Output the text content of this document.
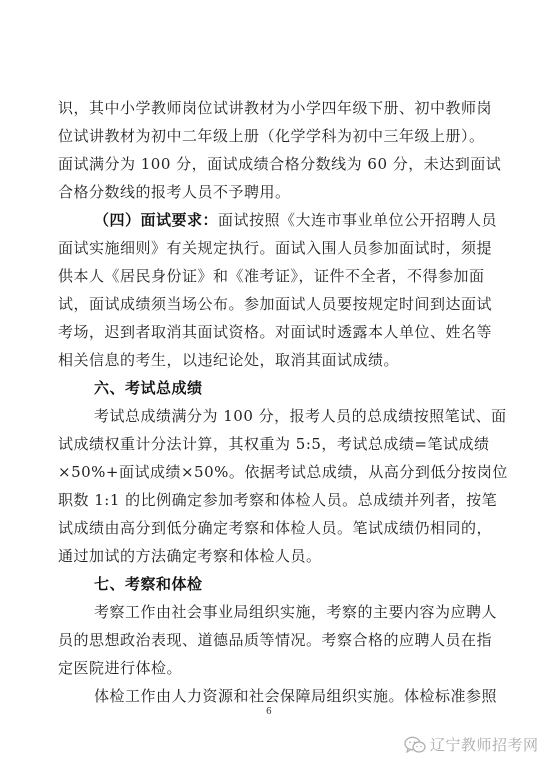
识，其中小学教师岗位试讲教材为小学四年级下册、初中教师岗
位试讲教材为初中二年级上册（化学学科为初中三年级上册）。
面试满分为 100 分，面试成绩合格分数线为 60 分，未达到面试
合格分数线的报考人员不予聘用。
（四）面试要求：面试按照《大连市事业单位公开招聘人员
面试实施细则》有关规定执行。面试入围人员参加面试时，须提
供本人《居民身份证》和《准考证》，证件不全者，不得参加面
试，面试成绩须当场公布。参加面试人员要按规定时间到达面试
考场，迟到者取消其面试资格。对面试时透露本人单位、姓名等
相关信息的考生，以违纪论处，取消其面试成绩。
六、考试总成绩
考试总成绩满分为 100 分，报考人员的总成绩按照笔试、面
试成绩权重计分法计算，其权重为 5:5，考试总成绩=笔试成绩
×50%+面试成绩×50%。依据考试总成绩，从高分到低分按岗位
职数 1:1 的比例确定参加考察和体检人员。总成绩并列者，按笔
试成绩由高分到低分确定考察和体检人员。笔试成绩仍相同的，
通过加试的方法确定考察和体检人员。
七、考察和体检
考察工作由社会事业局组织实施，考察的主要内容为应聘人
员的思想政治表现、道德品质等情况。考察合格的应聘人员在指
定医院进行体检。
体检工作由人力资源和社会保障局组织实施。体检标准参照
6
辽宁教师招考网
